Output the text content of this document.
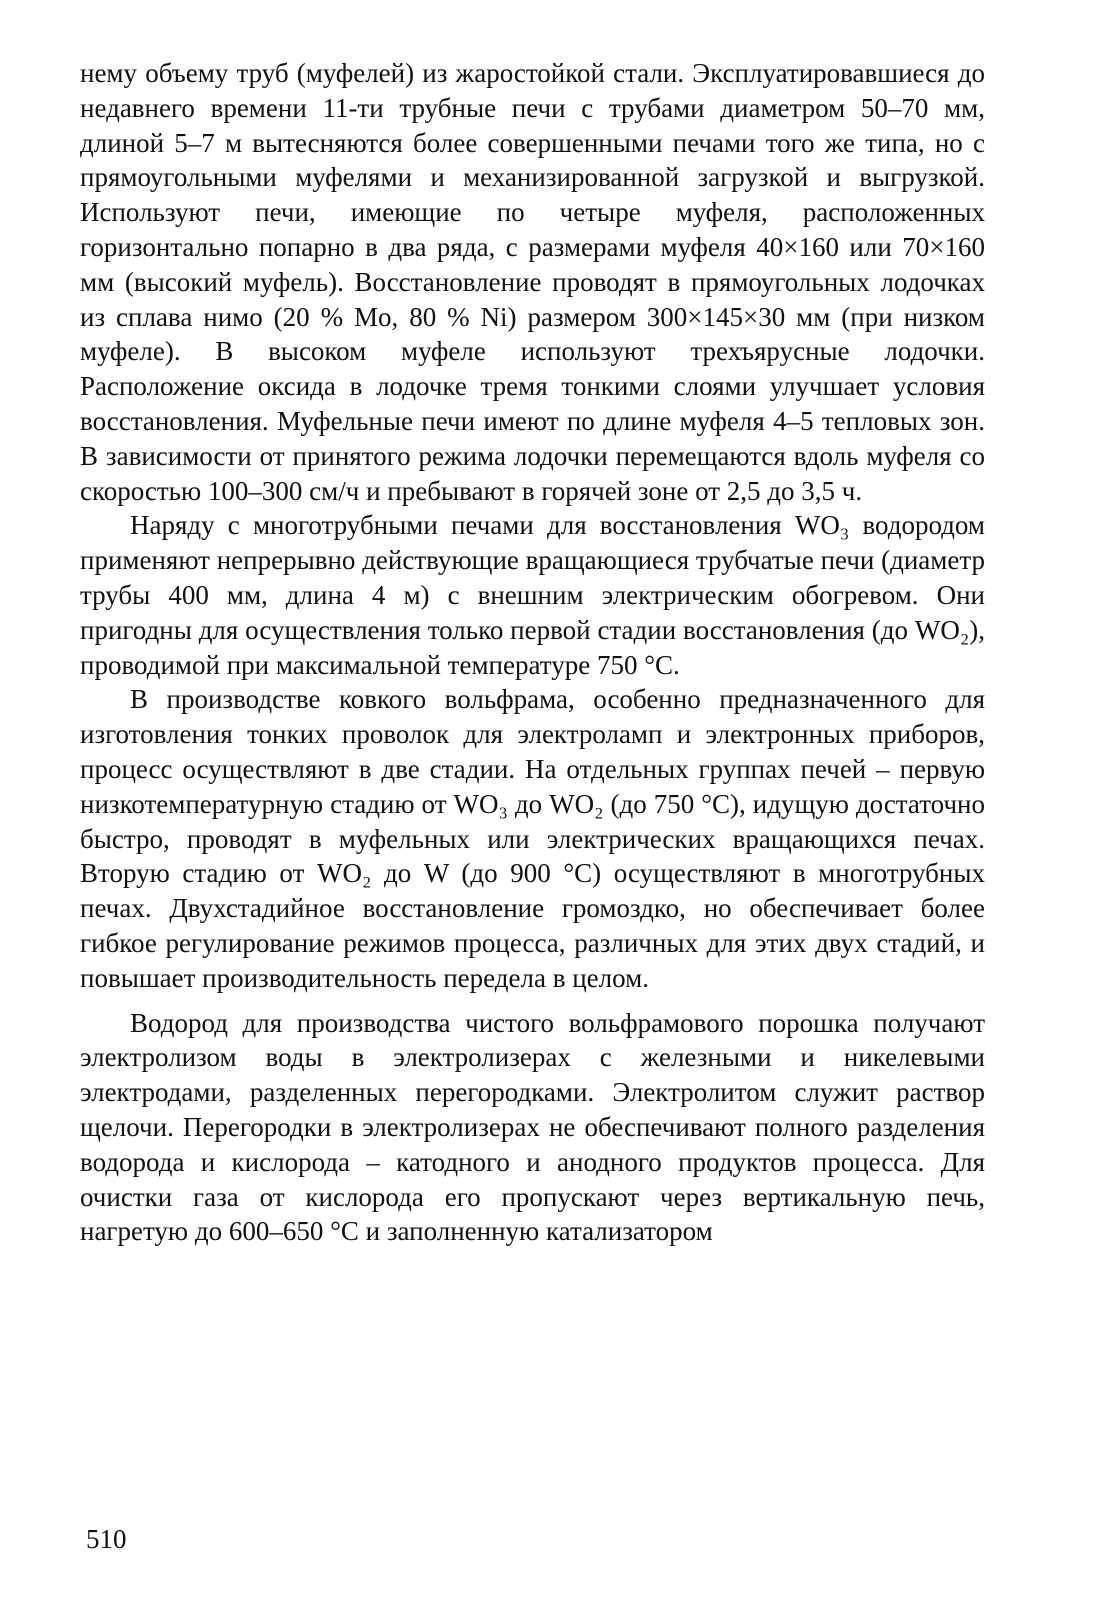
нему объему труб (муфелей) из жаростойкой стали. Эксплуатировавшиеся до недавнего времени 11-ти трубные печи с трубами диаметром 50–70 мм, длиной 5–7 м вытесняются более совершенными печами того же типа, но с прямоугольными муфелями и механизированной загрузкой и выгрузкой. Используют печи, имеющие по четыре муфеля, расположенных горизонтально попарно в два ряда, с размерами муфеля 40×160 или 70×160 мм (высокий муфель). Восстановление проводят в прямоугольных лодочках из сплава нимо (20 % Mo, 80 % Ni) размером 300×145×30 мм (при низком муфеле). В высоком муфеле используют трехъярусные лодочки. Расположение оксида в лодочке тремя тонкими слоями улучшает условия восстановления. Муфельные печи имеют по длине муфеля 4–5 тепловых зон. В зависимости от принятого режима лодочки перемещаются вдоль муфеля со скоростью 100–300 см/ч и пребывают в горячей зоне от 2,5 до 3,5 ч.

Наряду с многотрубными печами для восстановления WO₃ водородом применяют непрерывно действующие вращающиеся трубчатые печи (диаметр трубы 400 мм, длина 4 м) с внешним электрическим обогревом. Они пригодны для осуществления только первой стадии восстановления (до WO₂), проводимой при максимальной температуре 750 °C.

В производстве ковкого вольфрама, особенно предназначенного для изготовления тонких проволок для электроламп и электронных приборов, процесс осуществляют в две стадии. На отдельных группах печей – первую низкотемпературную стадию от WO₃ до WO₂ (до 750 °C), идущую достаточно быстро, проводят в муфельных или электрических вращающихся печах. Вторую стадию от WO₂ до W (до 900 °C) осуществляют в многотрубных печах. Двухстадийное восстановление громоздко, но обеспечивает более гибкое регулирование режимов процесса, различных для этих двух стадий, и повышает производительность передела в целом.

Водород для производства чистого вольфрамового порошка получают электролизом воды в электролизерах с железными и никелевыми электродами, разделенных перегородками. Электролитом служит раствор щелочи. Перегородки в электролизерах не обеспечивают полного разделения водорода и кислорода – катодного и анодного продуктов процесса. Для очистки газа от кислорода его пропускают через вертикальную печь, нагретую до 600–650 °C и заполненную катализатором

510
